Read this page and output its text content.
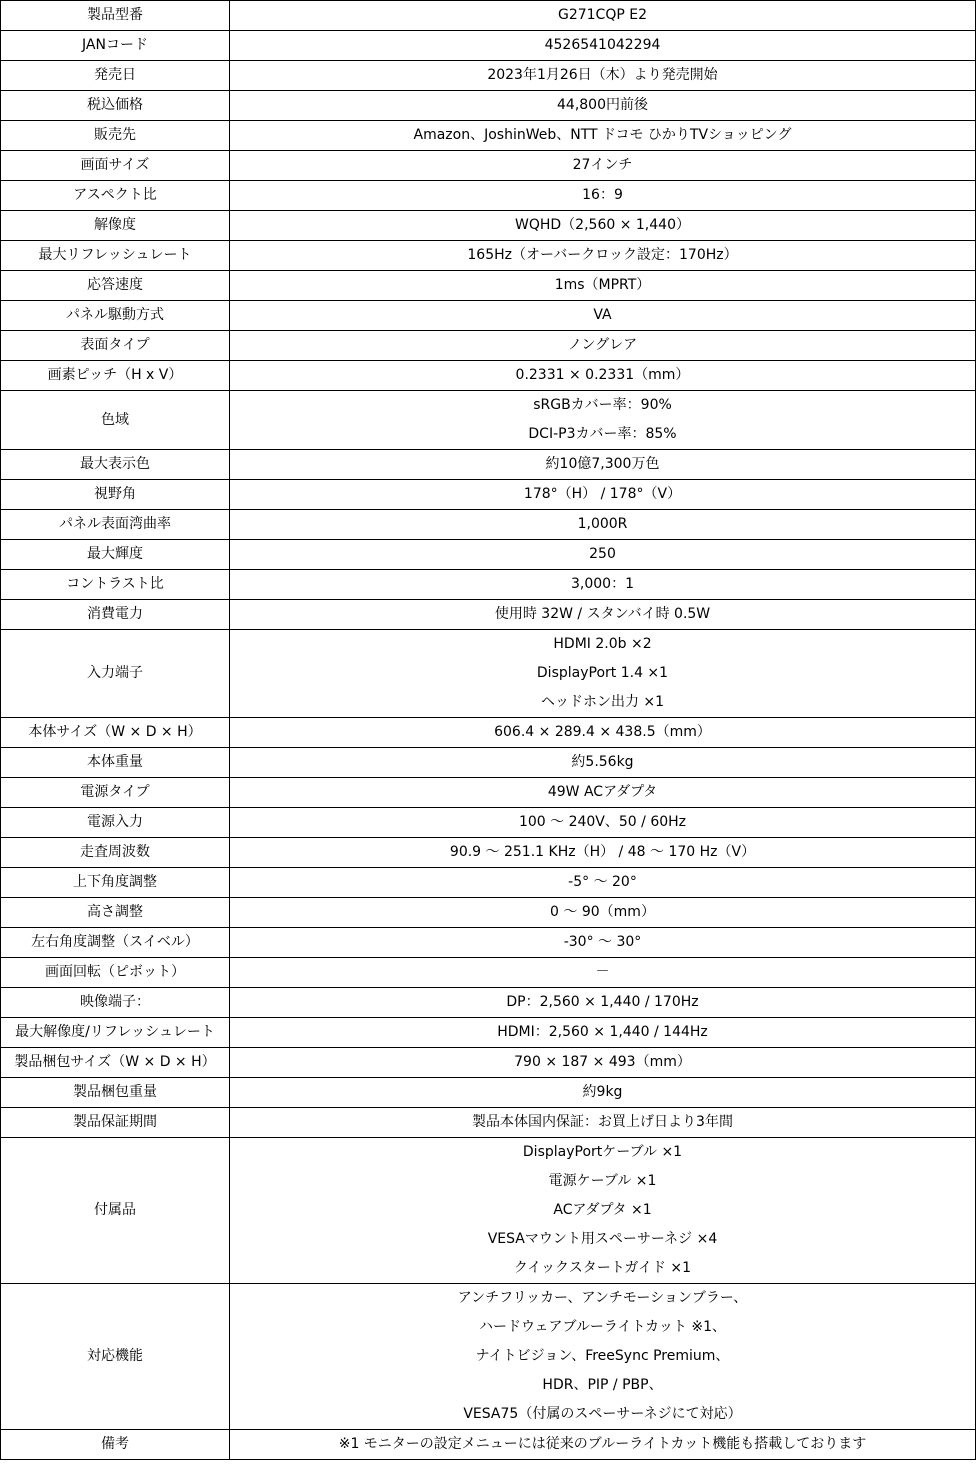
製品型番	G271CQP E2

JANコード	4526541042294

発売日	2023年1月26日（木）より発売開始

税込価格	44,800円前後

販売先	Amazon、JoshinWeb、NTT ドコモ ひかりTVショッピング

画面サイズ	27インチ

アスペクト比	16：9

解像度	WQHD（2,560 × 1,440）

最大リフレッシュレート	165Hz（オーバークロック設定：170Hz）

応答速度	1ms（MPRT）

パネル駆動方式	VA

表面タイプ	ノングレア

画素ピッチ（H x V）	0.2331 × 0.2331（mm）

色域	sRGBカバー率：90%
DCI-P3カバー率：85%

最大表示色	約10億7,300万色

視野角	178°（H） / 178°（V）

パネル表面湾曲率	1,000R

最大輝度	250

コントラスト比	3,000：1

消費電力	使用時 32W / スタンバイ時 0.5W

入力端子	HDMI 2.0b ×2
DisplayPort 1.4 ×1
ヘッドホン出力 ×1

本体サイズ（W × D × H）	606.4 × 289.4 × 438.5（mm）

本体重量	約5.56kg

電源タイプ	49W ACアダプタ

電源入力	100 ～ 240V、50 / 60Hz

走査周波数	90.9 ～ 251.1 KHz（H） / 48 ～ 170 Hz（V）

上下角度調整	-5° ～ 20°

高さ調整	0 ～ 90（mm）

左右角度調整（スイベル）	-30° ～ 30°

画面回転（ピボット）	－

映像端子：	DP：2,560 × 1,440 / 170Hz

最大解像度/リフレッシュレート	HDMI：2,560 × 1,440 / 144Hz

製品梱包サイズ（W × D × H）	790 × 187 × 493（mm）

製品梱包重量	約9kg

製品保証期間	製品本体国内保証：お買上げ日より3年間

付属品	DisplayPortケーブル ×1
電源ケーブル ×1
ACアダプタ ×1
VESAマウント用スペーサーネジ ×4
クイックスタートガイド ×1

対応機能	アンチフリッカー、アンチモーションブラー、
ハードウェアブルーライトカット ※1、
ナイトビジョン、FreeSync Premium、
HDR、PIP / PBP、
VESA75（付属のスペーサーネジにて対応）

備考	※1 モニターの設定メニューには従来のブルーライトカット機能も搭載しております
